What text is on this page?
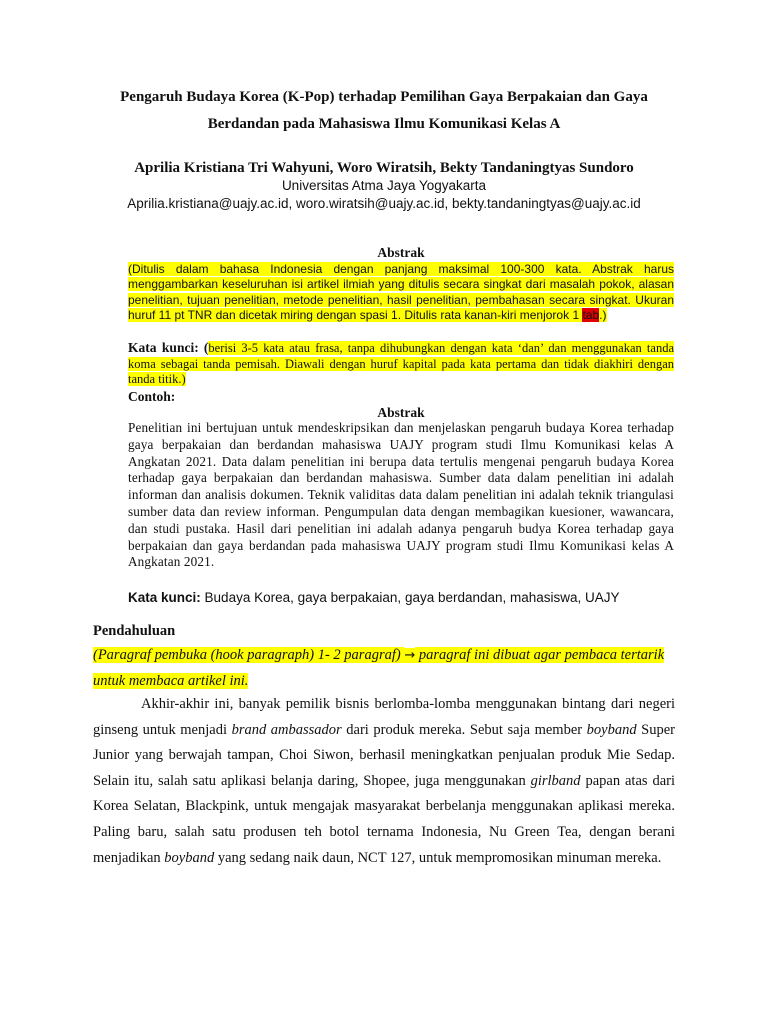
Pengaruh Budaya Korea (K-Pop) terhadap Pemilihan Gaya Berpakaian dan Gaya
Berdandan pada Mahasiswa Ilmu Komunikasi Kelas A
Aprilia Kristiana Tri Wahyuni, Woro Wiratsih, Bekty Tandaningtyas Sundoro
Universitas Atma Jaya Yogyakarta
Aprilia.kristiana@uajy.ac.id, woro.wiratsih@uajy.ac.id, bekty.tandaningtyas@uajy.ac.id
Abstrak
(Ditulis dalam bahasa Indonesia dengan panjang maksimal 100-300 kata. Abstrak harus menggambarkan keseluruhan isi artikel ilmiah yang ditulis secara singkat dari masalah pokok, alasan penelitian, tujuan penelitian, metode penelitian, hasil penelitian, pembahasan secara singkat. Ukuran huruf 11 pt TNR dan dicetak miring dengan spasi 1. Ditulis rata kanan-kiri menjorok 1 tab.)
Kata kunci: (berisi 3-5 kata atau frasa, tanpa dihubungkan dengan kata ‘dan’ dan menggunakan tanda koma sebagai tanda pemisah. Diawali dengan huruf kapital pada kata pertama dan tidak diakhiri dengan tanda titik.)
Contoh:
Abstrak
Penelitian ini bertujuan untuk mendeskripsikan dan menjelaskan pengaruh budaya Korea terhadap gaya berpakaian dan berdandan mahasiswa UAJY program studi Ilmu Komunikasi kelas A Angkatan 2021. Data dalam penelitian ini berupa data tertulis mengenai pengaruh budaya Korea terhadap gaya berpakaian dan berdandan mahasiswa. Sumber data dalam penelitian ini adalah informan dan analisis dokumen. Teknik validitas data dalam penelitian ini adalah teknik triangulasi sumber data dan review informan. Pengumpulan data dengan membagikan kuesioner, wawancara, dan studi pustaka. Hasil dari penelitian ini adalah adanya pengaruh budya Korea terhadap gaya berpakaian dan gaya berdandan pada mahasiswa UAJY program studi Ilmu Komunikasi kelas A Angkatan 2021.
Kata kunci: Budaya Korea, gaya berpakaian, gaya berdandan, mahasiswa, UAJY
Pendahuluan
(Paragraf pembuka (hook paragraph) 1- 2 paragraf) → paragraf ini dibuat agar pembaca tertarik untuk membaca artikel ini.
Akhir-akhir ini, banyak pemilik bisnis berlomba-lomba menggunakan bintang dari negeri ginseng untuk menjadi brand ambassador dari produk mereka. Sebut saja member boyband Super Junior yang berwajah tampan, Choi Siwon, berhasil meningkatkan penjualan produk Mie Sedap. Selain itu, salah satu aplikasi belanja daring, Shopee, juga menggunakan girlband papan atas dari Korea Selatan, Blackpink, untuk mengajak masyarakat berbelanja menggunakan aplikasi mereka. Paling baru, salah satu produsen teh botol ternama Indonesia, Nu Green Tea, dengan berani menjadikan boyband yang sedang naik daun, NCT 127, untuk mempromosikan minuman mereka.
